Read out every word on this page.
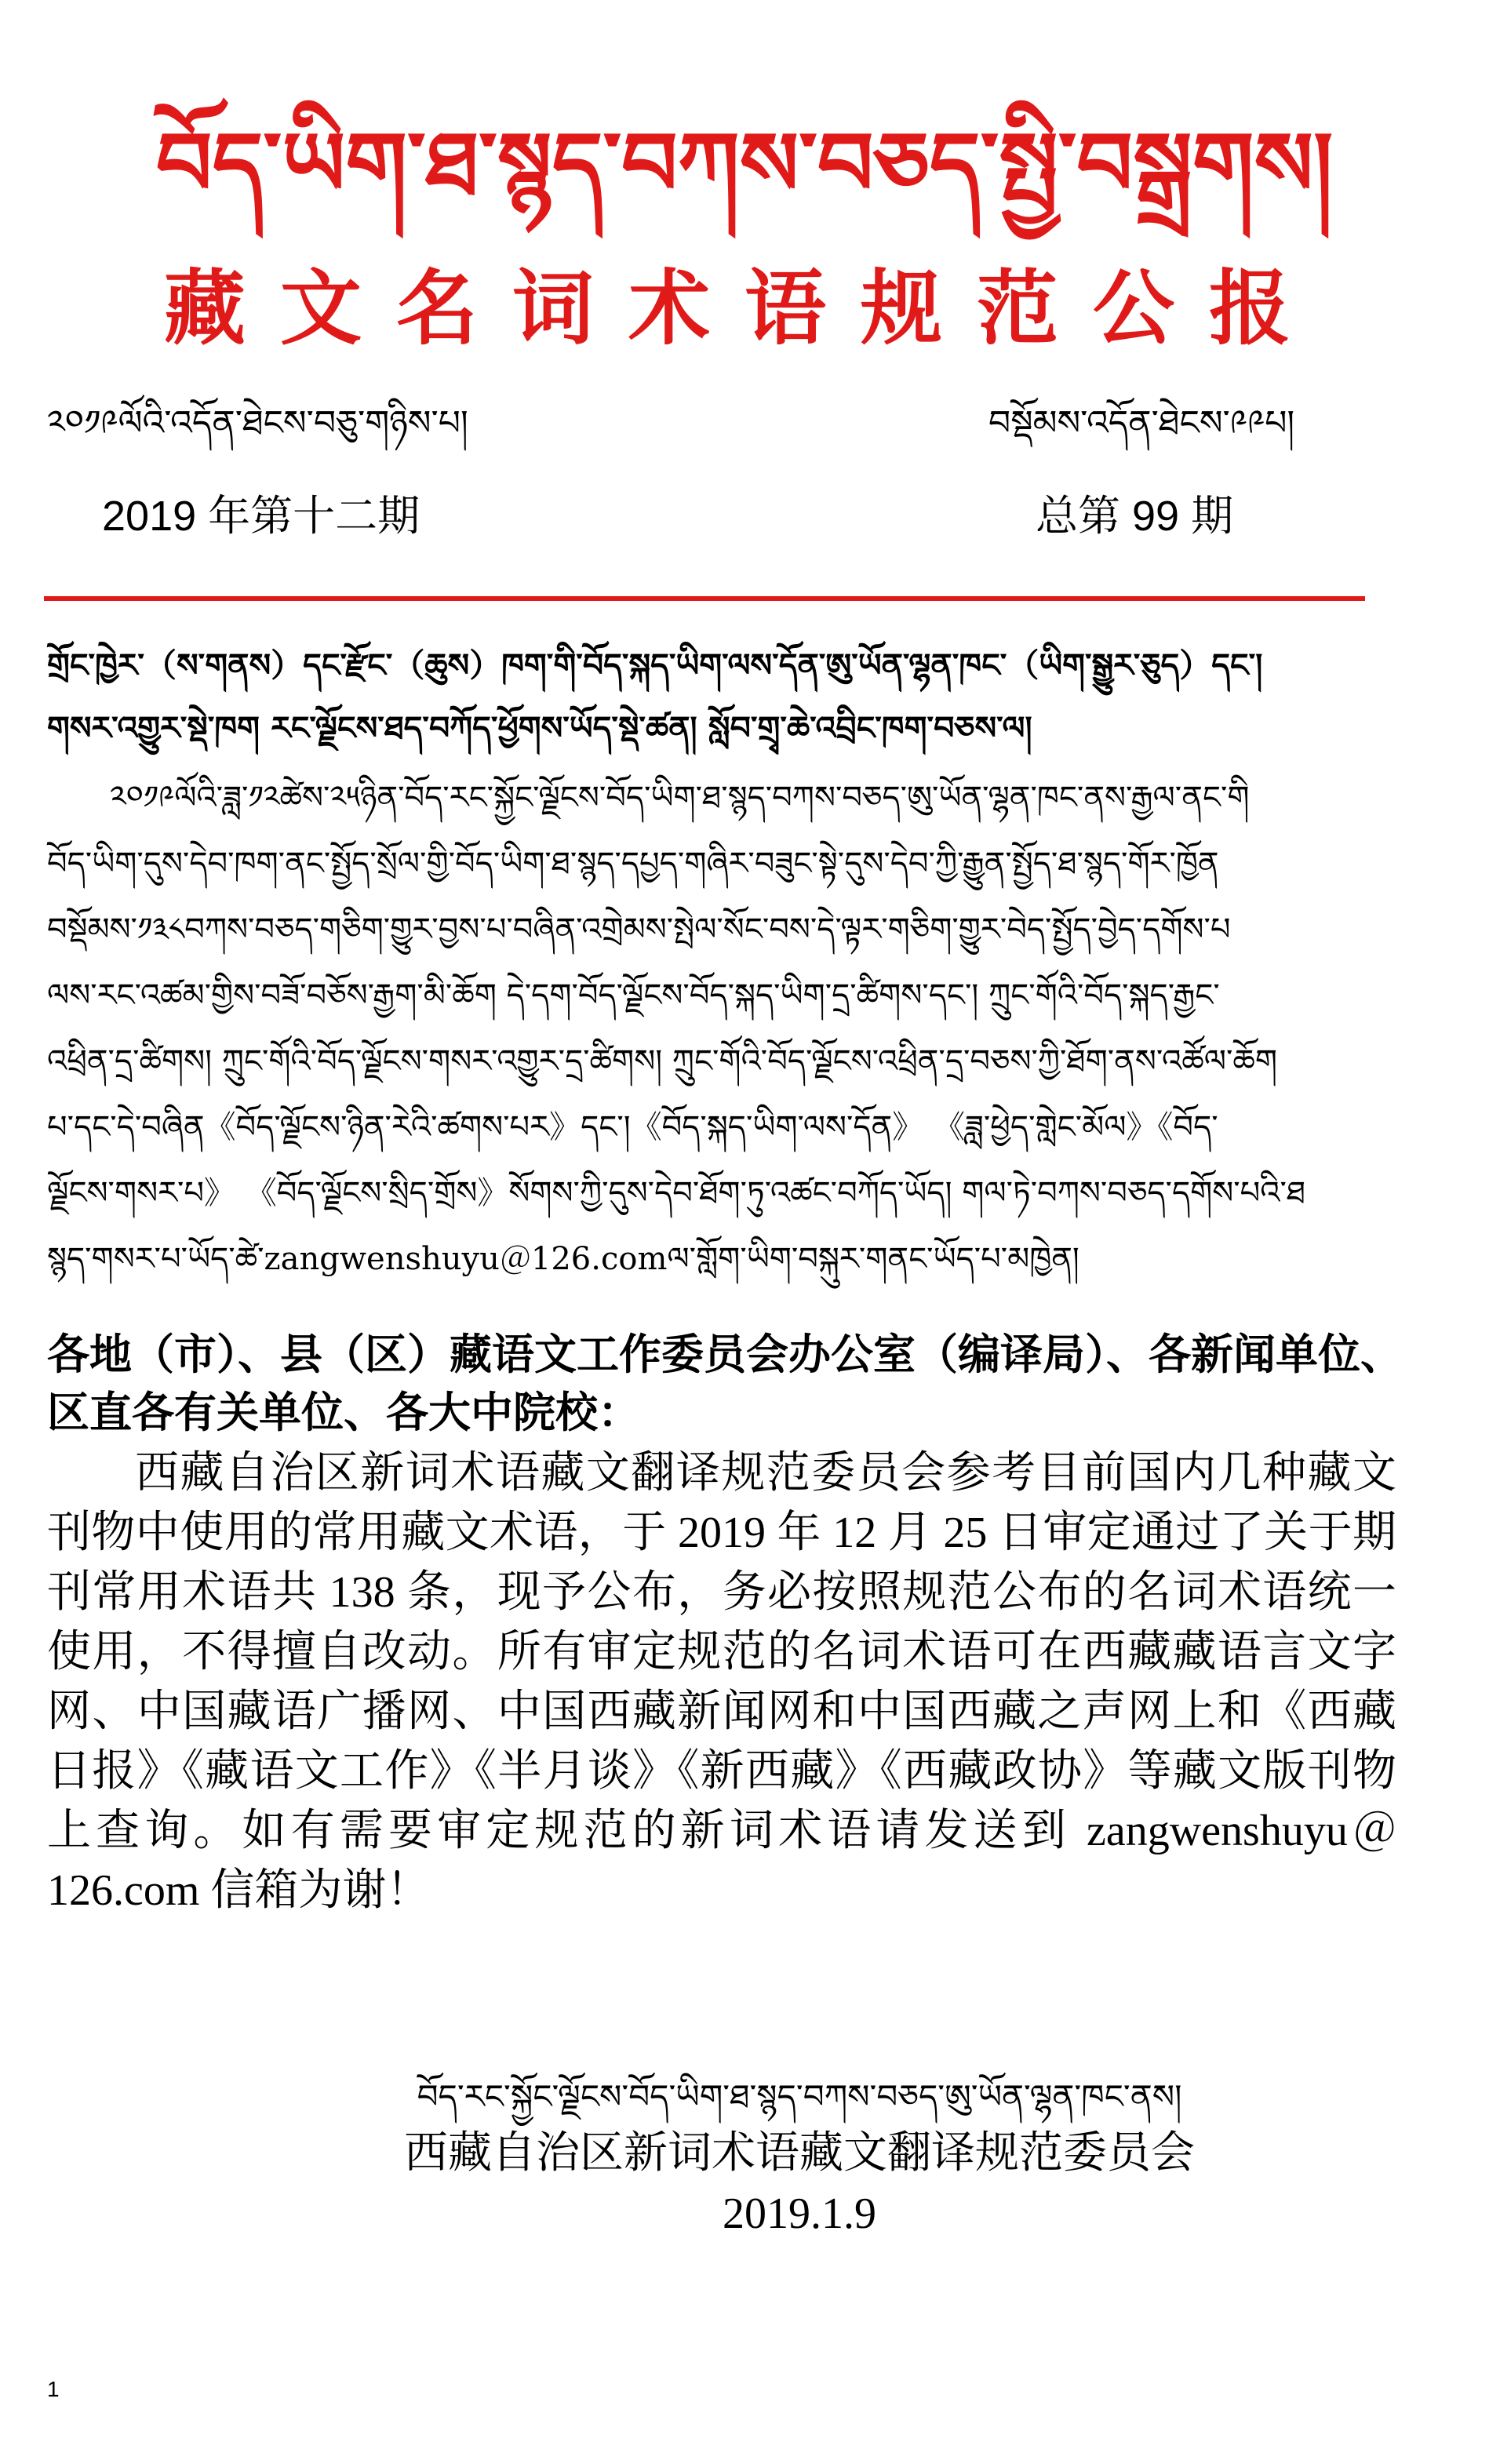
བོད་ཡིག་ཐ་སྙད་བཀས་བཅད་སྤྱི་བསྒྲགས།
藏文名词术语规范公报
༢༠༡༩ལོའི་འདོན་ཐེངས་བཅུ་གཉིས་པ།	བསྡོམས་འདོན་ཐེངས་༩༩པ།
2019 年第十二期	总第 99 期
གྲོང་ཁྱེར་（ས་གནས）དང་རྫོང་（ཆུས）ཁག་གི་བོད་སྐད་ཡིག་ལས་དོན་ཨུ་ཡོན་ལྷན་ཁང་（ཡིག་སྒྱུར་ཅུད）དང་།
གསར་འགྱུར་སྡེ་ཁག རང་ལྗོངས་ཐད་བཀོད་ཕྱོགས་ཡོད་སྡེ་ཚན། སློབ་གྲྭ་ཆེ་འབྲིང་ཁག་བཅས་ལ།
༢༠༡༩ལོའི་ཟླ་༡༢ཚེས་༢༥ཉིན་བོད་རང་སྐྱོང་ལྗོངས་བོད་ཡིག་ཐ་སྙད་བཀས་བཅད་ཨུ་ཡོན་ལྷན་ཁང་ནས་རྒྱལ་ནང་གི
བོད་ཡིག་དུས་དེབ་ཁག་ནང་སྤྱོད་སྲོལ་གྱི་བོད་ཡིག་ཐ་སྙད་དཔྱད་གཞིར་བཟུང་སྟེ་དུས་དེབ་ཀྱི་རྒྱུན་སྤྱོད་ཐ་སྙད་གོར་ཁྱོན
བསྡོམས་༡༣༨བཀས་བཅད་གཅིག་གྱུར་བྱས་པ་བཞིན་འགྲེམས་སྤེལ་སོང་བས་དེ་ལྟར་གཅིག་གྱུར་བེད་སྤྱོད་བྱེད་དགོས་པ
ལས་རང་འཚམ་གྱིས་བཟོ་བཅོས་རྒྱག་མི་ཆོག དེ་དག་བོད་ལྗོངས་བོད་སྐད་ཡིག་དྲ་ཚིགས་དང་། ཀྲུང་གོའི་བོད་སྐད་རྒྱང་
འཕྲིན་དྲ་ཚིགས། ཀྲུང་གོའི་བོད་ལྗོངས་གསར་འགྱུར་དྲ་ཚིགས། ཀྲུང་གོའི་བོད་ལྗོངས་འཕྲིན་དྲ་བཅས་ཀྱི་ཐོག་ནས་འཚོལ་ཆོག
པ་དང་དེ་བཞིན《བོད་ལྗོངས་ཉིན་རེའི་ཚགས་པར》དང་།《བོད་སྐད་ཡིག་ལས་དོན》 《ཟླ་ཕྱེད་གླེང་མོལ》《བོད་
ལྗོངས་གསར་པ》 《བོད་ལྗོངས་སྲིད་གྲོས》སོགས་ཀྱི་དུས་དེབ་ཐོག་ཏུ་འཚང་བཀོད་ཡོད། གལ་ཏེ་བཀས་བཅད་དགོས་པའི་ཐ
སྙད་གསར་པ་ཡོད་ཚེ་zangwenshuyu＠126.comལ་གློག་ཡིག་བསྐུར་གནང་ཡོད་པ་མཁྱེན།
各地（市）、县（区）藏语文工作委员会办公室（编译局）、各新闻单位、区直各有关单位、各大中院校：
西藏自治区新词术语藏文翻译规范委员会参考目前国内几种藏文刊物中使用的常用藏文术语，于 2019 年 12 月 25 日审定通过了关于期刊常用术语共 138 条，现予公布，务必按照规范公布的名词术语统一使用，不得擅自改动。所有审定规范的名词术语可在西藏藏语言文字网、中国藏语广播网、中国西藏新闻网和中国西藏之声网上和《西藏日报》《藏语文工作》《半月谈》《新西藏》《西藏政协》等藏文版刊物上查询。如有需要审定规范的新词术语请发送到 zangwenshuyu＠126.com 信箱为谢！
བོད་རང་སྐྱོང་ལྗོངས་བོད་ཡིག་ཐ་སྙད་བཀས་བཅད་ཨུ་ཡོན་ལྷན་ཁང་ནས།
西藏自治区新词术语藏文翻译规范委员会
2019.1.9
1
